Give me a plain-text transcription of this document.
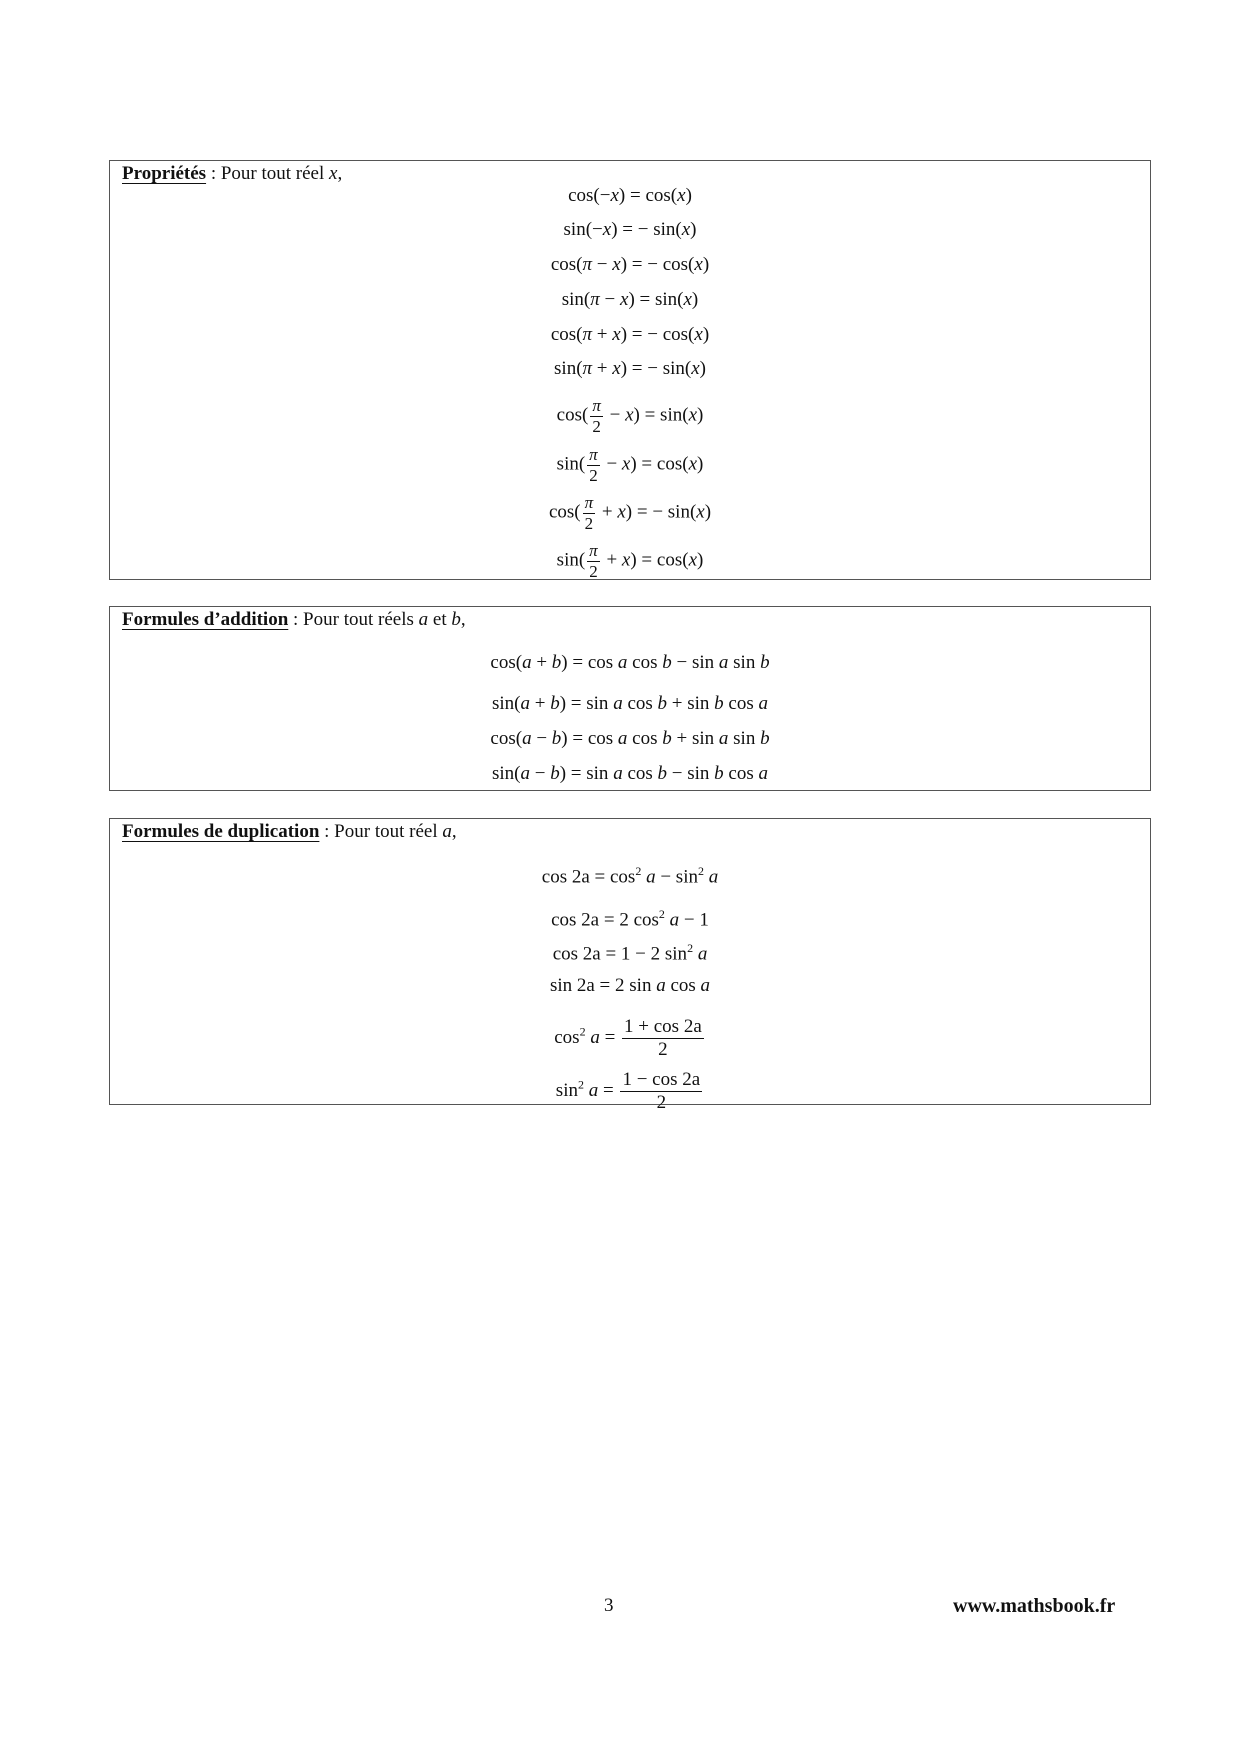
Propriétés : Pour tout réel x,
cos(−x) = cos(x)
sin(−x) = − sin(x)
cos(π − x) = − cos(x)
sin(π − x) = sin(x)
cos(π + x) = − cos(x)
sin(π + x) = − sin(x)
$\cos( \frac{\pi}{2} - x) = \sin(x)$
$\sin( \frac{\pi}{2} - x) = \cos(x)$
$\cos( \frac{\pi}{2} + x)$ = − sin(x)
$\sin( \frac{\pi}{2} + x) = \cos(x)$
Formules d’addition : Pour tout réels a et b,
cos(a + b) = cos a cos b − sin a sin b
sin(a + b) = sin a cos b + sin b cos a
cos(a − b) = cos a cos b + sin a sin b
sin(a − b) = sin a cos b − sin b cos a
Formules de duplication : Pour tout réel a,
$\cos 2a = \cos^2 a - \sin^2 a$
cos 2a = 2 $\cos^2 a - 1$
cos 2a = 1 − 2 $\sin^2 a$
sin 2a = 2 sin a cos a
$\cos^2 a = \frac{1 + \cos 2a}{2}$
$\sin^2 a = \frac{1 - \cos 2a}{2}$
3	www.mathsbook.fr
